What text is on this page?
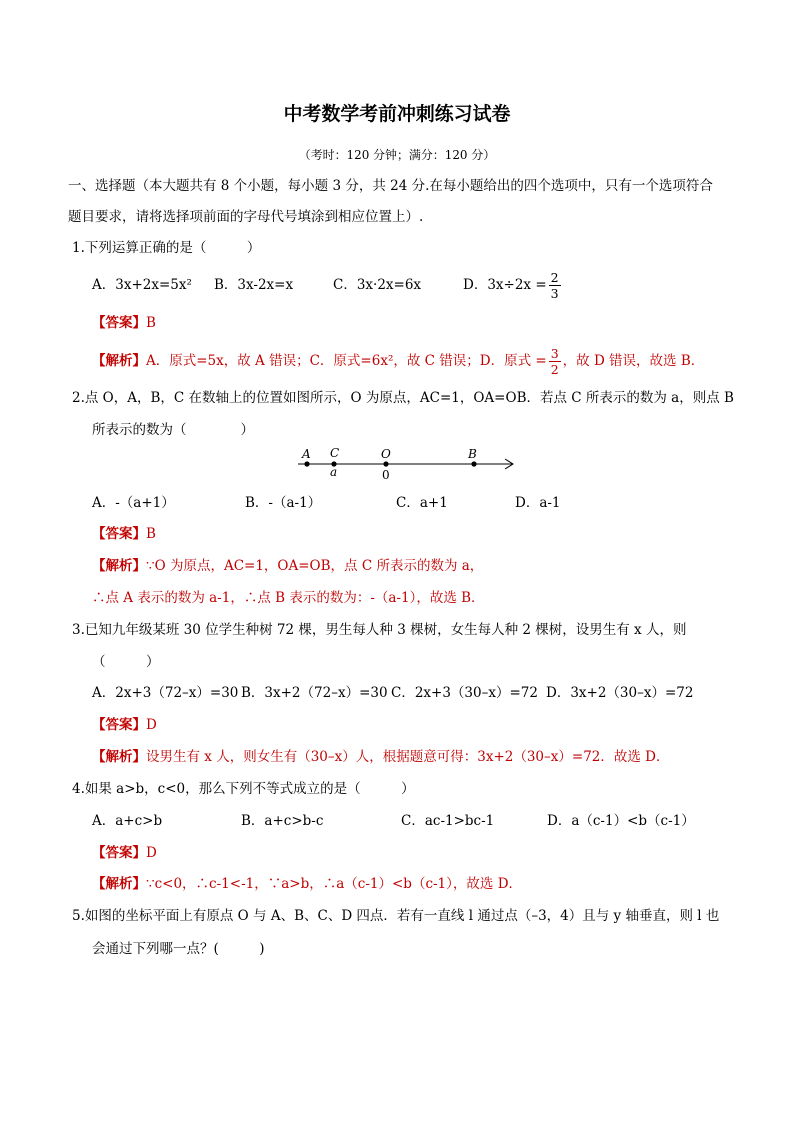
中考数学考前冲刺练习试卷
（考时：120 分钟；满分：120 分）
一、选择题（本大题共有 8 个小题，每小题 3 分，共 24 分.在每小题给出的四个选项中，只有一个选项符合
题目要求，请将选择项前面的字母代号填涂到相应位置上）.
1.下列运算正确的是（　　　）
A．3x+2x=5x² B．3x-2x=x	C．3x·2x=6x	D．$3x\div 2x = \frac{2}{3}$
【答案】B
【解析】A．原式=5x，故 A 错误；C．原式=6x²，故 C 错误；D．原式 = $\frac{3}{2}$ ，故 D 错误，故选 B．
2.点 O，A，B，C 在数轴上的位置如图所示，O 为原点，AC=1，OA=OB．若点 C 所表示的数为 a，则点 B
所表示的数为（　　　　）
A C	O	B
a	0
A．-（a+1）	B．-（a-1）	C．a+1	D．a-1
【答案】B
【解析】∵O 为原点，AC=1，OA=OB，点 C 所表示的数为 a，
∴点 A 表示的数为 a-1，∴点 B 表示的数为：-（a-1），故选 B．
3.已知九年级某班 30 位学生种树 72 棵，男生每人种 3 棵树，女生每人种 2 棵树，设男生有 x 人，则
（　　　）
A．2x+3（72–x）=30 B．3x+2（72–x）=30 C．2x+3（30–x）=72 D．3x+2（30–x）=72
【答案】D
【解析】设男生有 x 人，则女生有（30–x）人，根据题意可得：3x+2（30–x）=72．故选 D．
4.如果 a>b，c<0，那么下列不等式成立的是（　　　）
A．a+c>b	B．a+c>b-c	C．ac-1>bc-1	D．a（c-1）<b（c-1）
【答案】D
【解析】∵c<0，∴c-1<-1，∵a>b，∴a（c-1）<b（c-1），故选 D．
5.如图的坐标平面上有原点 O 与 A、B、C、D 四点．若有一直线 l 通过点（–3，4）且与 y 轴垂直，则 l 也
会通过下列哪一点？(　　　)
